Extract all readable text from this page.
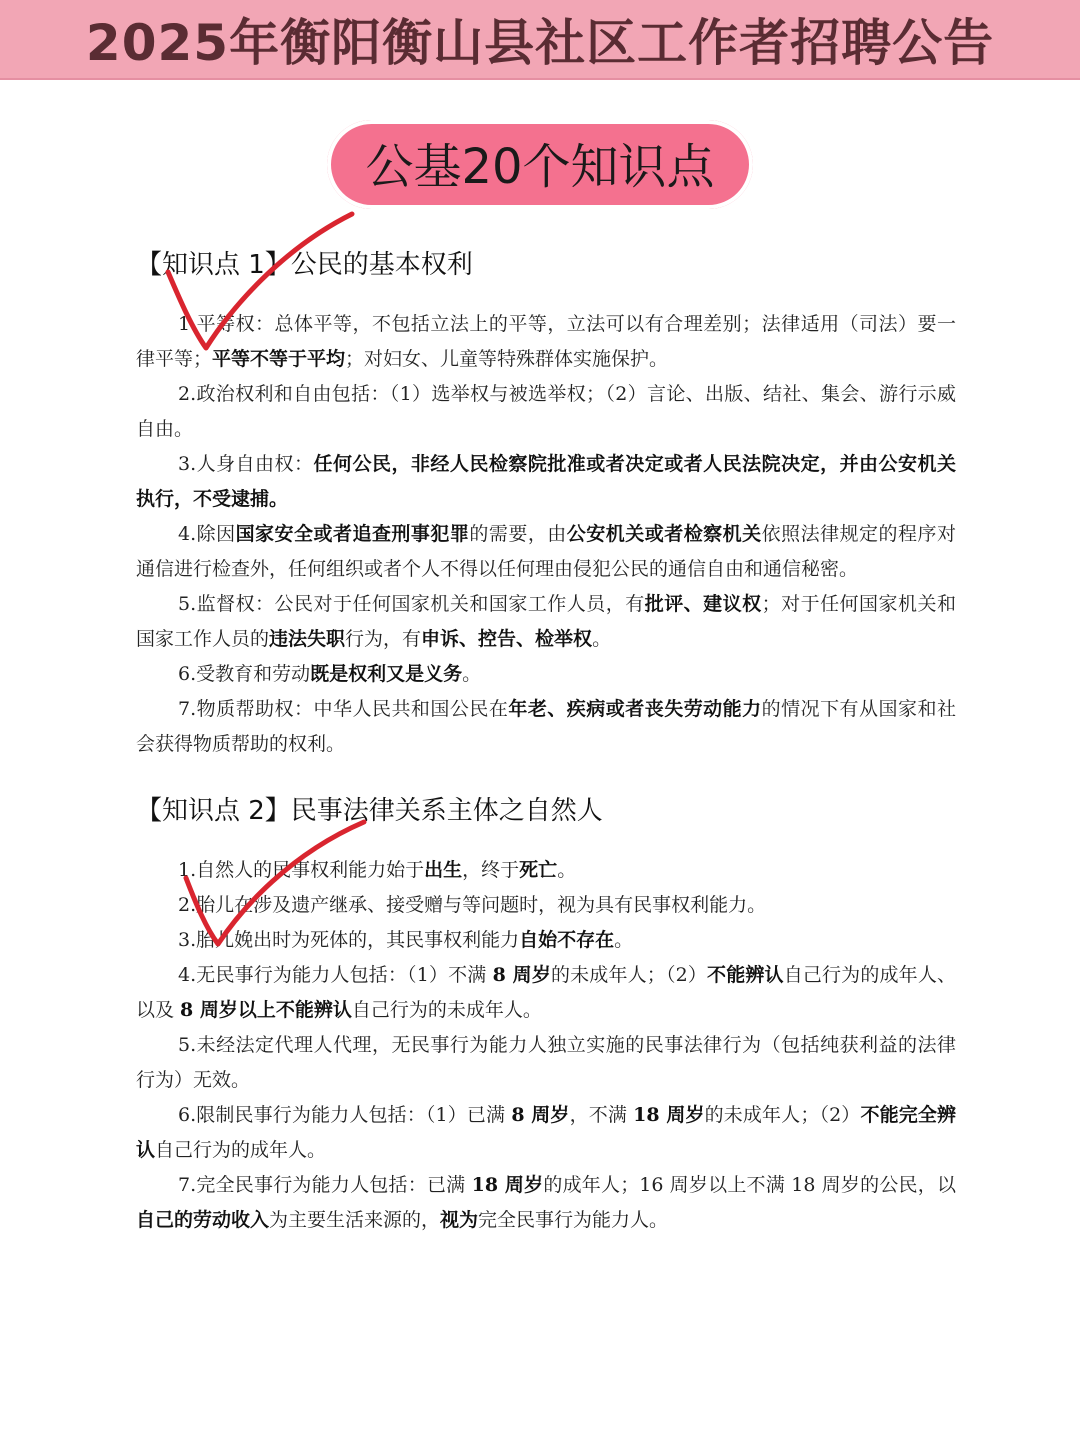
2025年衡阳衡山县社区工作者招聘公告
公基20个知识点
【知识点 1】公民的基本权利

1.平等权：总体平等，不包括立法上的平等，立法可以有合理差别；法律适用（司法）要一律平等；平等不等于平均；对妇女、儿童等特殊群体实施保护。

2.政治权利和自由包括：（1）选举权与被选举权；（2）言论、出版、结社、集会、游行示威自由。

3.人身自由权：任何公民，非经人民检察院批准或者决定或者人民法院决定，并由公安机关执行，不受逮捕。

4.除因国家安全或者追查刑事犯罪的需要，由公安机关或者检察机关依照法律规定的程序对通信进行检查外，任何组织或者个人不得以任何理由侵犯公民的通信自由和通信秘密。

5.监督权：公民对于任何国家机关和国家工作人员，有批评、建议权；对于任何国家机关和国家工作人员的违法失职行为，有申诉、控告、检举权。

6.受教育和劳动既是权利又是义务。

7.物质帮助权：中华人民共和国公民在年老、疾病或者丧失劳动能力的情况下有从国家和社会获得物质帮助的权利。

【知识点 2】民事法律关系主体之自然人

1.自然人的民事权利能力始于出生，终于死亡。

2.胎儿在涉及遗产继承、接受赠与等问题时，视为具有民事权利能力。

3.胎儿娩出时为死体的，其民事权利能力自始不存在。

4.无民事行为能力人包括：（1）不满 8 周岁的未成年人；（2）不能辨认自己行为的成年人、以及 8 周岁以上不能辨认自己行为的未成年人。

5.未经法定代理人代理，无民事行为能力人独立实施的民事法律行为（包括纯获利益的法律行为）无效。

6.限制民事行为能力人包括：（1）已满 8 周岁，不满 18 周岁的未成年人；（2）不能完全辨认自己行为的成年人。

7.完全民事行为能力人包括：已满 18 周岁的成年人；16 周岁以上不满 18 周岁的公民，以自己的劳动收入为主要生活来源的，视为完全民事行为能力人。
